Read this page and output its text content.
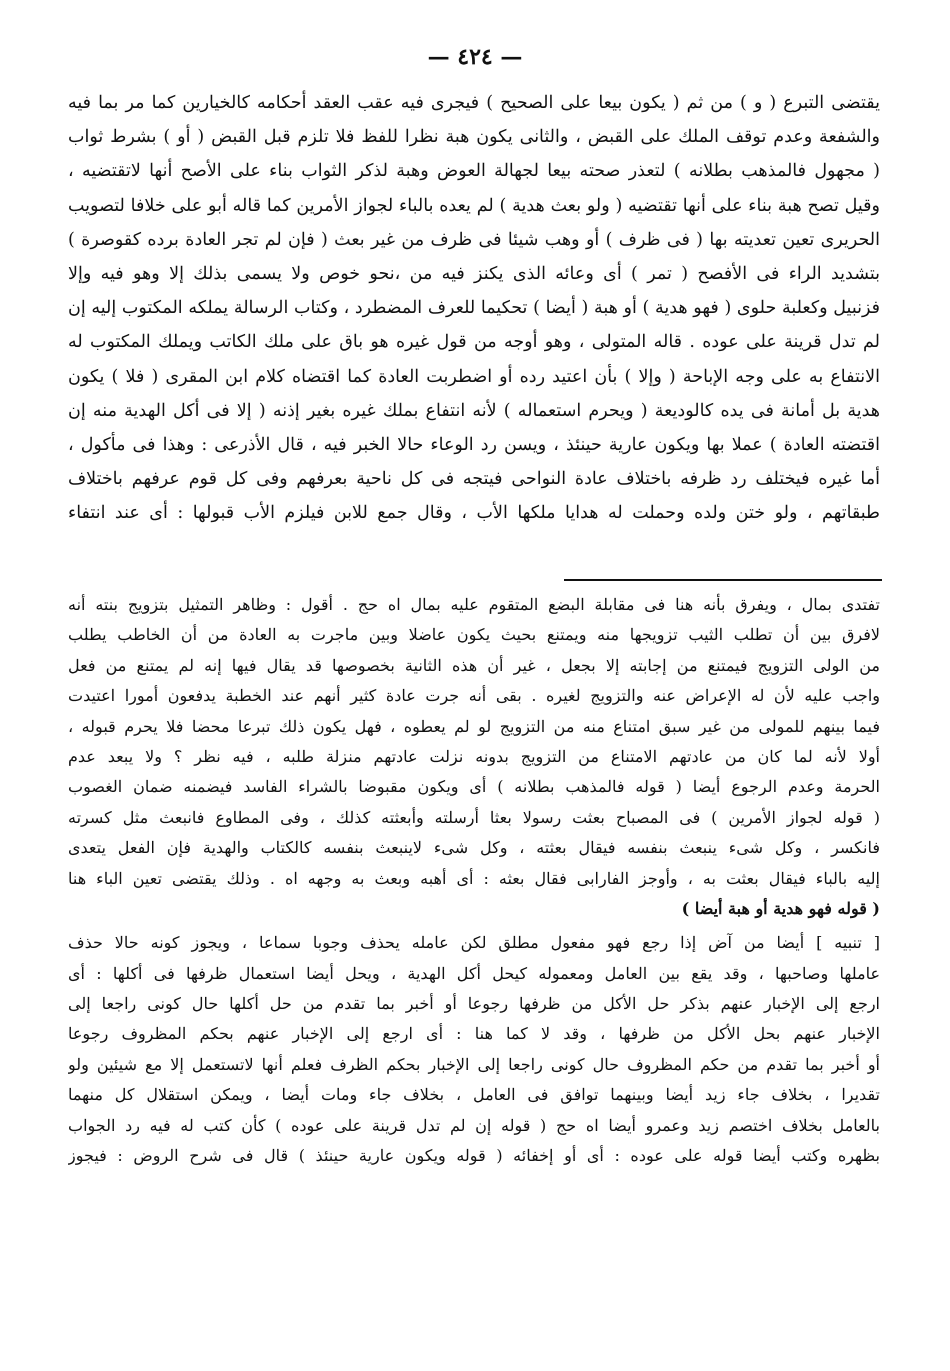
— ٤٢٤ —
يقتضى التبرع ( و ) من ثم ( يكون بيعا على الصحيح ) فيجرى فيه عقب العقد أحكامه كالخيارين كما مر بما فيه
والشفعة وعدم توقف الملك على القبض ، والثانى يكون هبة نظرا للفظ فلا تلزم قبل القبض ( أو ) بشرط ثواب
( مجهول فالمذهب بطلانه ) لتعذر صحته بيعا لجهالة العوض وهبة لذكر الثواب بناء على الأصح أنها لاتقتضيه ،
وقيل تصح هبة بناء على أنها تقتضيه ( ولو بعث هدية ) لم يعده بالباء لجواز الأمرين كما قاله أبو على خلافا لتصويب
الحريرى تعين تعديته بها ( فى ظرف ) أو وهب شيئا فى ظرف من غير بعث ( فإن لم تجر العادة برده كقوصرة )
بتشديد الراء فى الأفصح ( تمر ) أى وعائه الذى يكنز فيه من ،نحو خوص ولا يسمى بذلك إلا وهو فيه وإلا
فزنبيل وكعلبة حلوى ( فهو هدية ) أو هبة ( أيضا ) تحكيما للعرف المضطرد ، وكتاب الرسالة يملكه المكتوب إليه إن
لم تدل قرينة على عوده . قاله المتولى ، وهو أوجه من قول غيره هو باق على ملك الكاتب ويملك المكتوب له
الانتفاع به على وجه الإباحة ( وإلا ) بأن اعتيد رده أو اضطربت العادة كما اقتضاه كلام ابن المقرى ( فلا ) يكون
هدية بل أمانة فى يده كالوديعة ( ويحرم استعماله ) لأنه انتفاع بملك غيره بغير إذنه ( إلا فى أكل الهدية منه إن
اقتضته العادة ) عملا بها ويكون عارية حينئذ ، ويسن رد الوعاء حالا الخبر فيه ، قال الأذرعى : وهذا فى مأكول ،
أما غيره فيختلف رد ظرفه باختلاف عادة النواحى فيتجه فى كل ناحية بعرفهم وفى كل قوم عرفهم باختلاف
طبقاتهم ، ولو ختن ولده وحملت له هدايا ملكها الأب ، وقال جمع للابن فيلزم الأب قبولها : أى عند انتفاء
تفتدى بمال ، ويفرق بأنه هنا فى مقابلة البضع المتقوم عليه بمال اه حج . أقول : وظاهر التمثيل بتزويج بنته أنه
لافرق بين أن تطلب الثيب تزويجها منه ويمتنع بحيث يكون عاضلا وبين ماجرت به العادة من أن الخاطب يطلب
من الولى التزويج فيمتنع من إجابته إلا بجعل ، غير أن هذه الثانية بخصوصها قد يقال فيها إنه لم يمتنع من فعل
واجب عليه لأن له الإعراض عنه والتزويج لغيره . بقى أنه جرت عادة كثير أنهم عند الخطبة يدفعون أمورا اعتيدت
فيما بينهم للمولى من غير سبق امتناع منه من التزويج لو لم يعطوه ، فهل يكون ذلك تبرعا محضا فلا يحرم قبوله ،
أولا لأنه لما كان من عادتهم الامتناع من التزويج بدونه نزلت عادتهم منزلة طلبه ، فيه نظر ؟ ولا يبعد عدم
الحرمة وعدم الرجوع أيضا ( قوله فالمذهب بطلانه ) أى ويكون مقبوضا بالشراء الفاسد فيضمنه ضمان الغصوب
( قوله لجواز الأمرين ) فى المصباح بعثت رسولا بعثا أرسلته وأبعثته كذلك ، وفى المطاوع فانبعث مثل كسرته
فانكسر ، وكل شىء ينبعث بنفسه فيقال بعثته ، وكل شىء لاينبعث بنفسه كالكتاب والهدية فإن الفعل يتعدى
إليه بالباء فيقال بعثت به ، وأوجز الفارابى فقال بعثه : أى أهبه وبعث به وجهه اه . وذلك يقتضى تعين الباء هنا
( قوله فهو هدية أو هبة أيضا )
[ تنبيه ] أيضا من آض إذا رجع فهو مفعول مطلق لكن عامله يحذف وجوبا سماعا ، ويجوز كونه حالا حذف
عاملها وصاحبها ، وقد يقع بين العامل ومعموله كيحل أكل الهدية ، ويحل أيضا استعمال ظرفها فى أكلها : أى
ارجع إلى الإخبار عنهم بذكر حل الأكل من ظرفها رجوعا أو أخبر بما تقدم من حل أكلها حال كونى راجعا إلى
الإخبار عنهم بحل الأكل من ظرفها ، وقد لا كما هنا : أى ارجع إلى الإخبار عنهم بحكم المظروف رجوعا
أو أخبر بما تقدم من حكم المظروف حال كونى راجعا إلى الإخبار بحكم الظرف فعلم أنها لاتستعمل إلا مع شيئين ولو
تقديرا ، بخلاف جاء زيد أيضا وبينهما توافق فى العامل ، بخلاف جاء ومات أيضا ، ويمكن استقلال كل منهما
بالعامل بخلاف اختصم زيد وعمرو أيضا اه حج ( قوله إن لم تدل قرينة على عوده ) كأن كتب له فيه رد الجواب
بظهره وكتب أيضا قوله على عوده : أى أو إخفائه ( قوله ويكون عارية حينئذ ) قال فى شرح الروض : فيجوز
